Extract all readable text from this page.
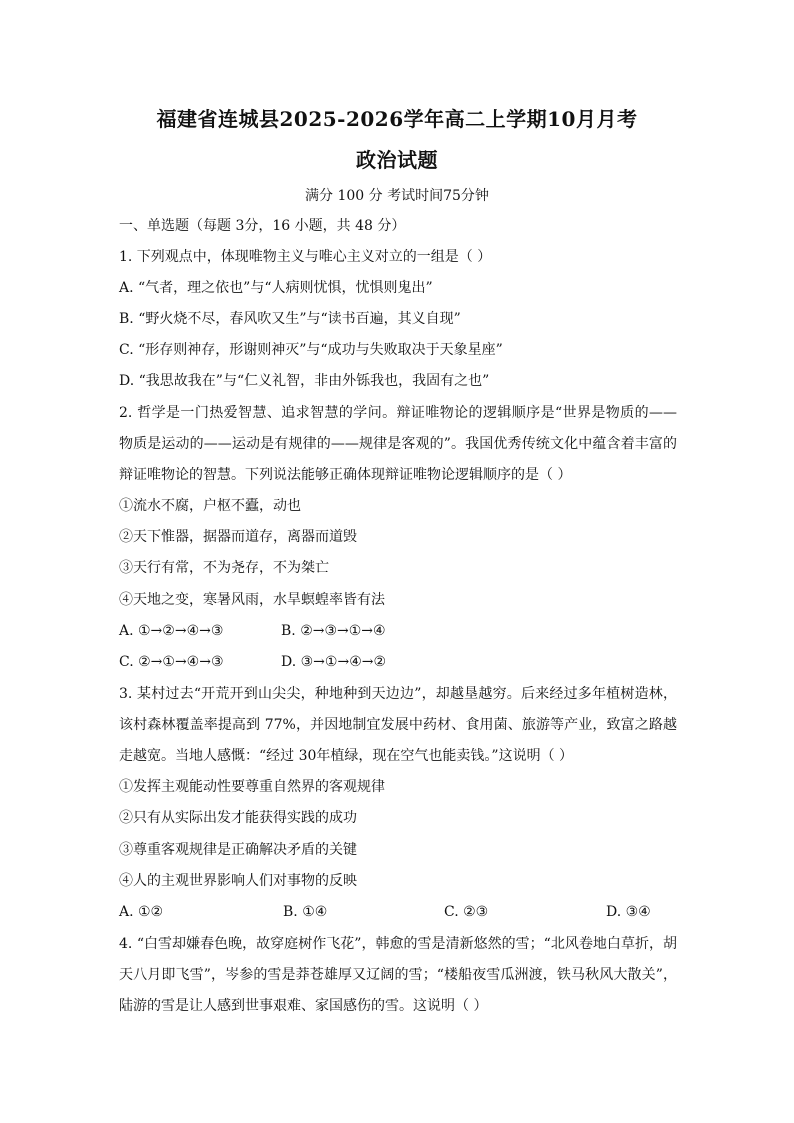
福建省连城县2025-2026学年高二上学期10月月考
政治试题
满分 100 分 考试时间75分钟
一、单选题（每题 3分，16 小题，共 48 分）
1. 下列观点中，体现唯物主义与唯心主义对立的一组是（ ）
A. “气者，理之依也”与“人病则忧惧，忧惧则鬼出”
B. “野火烧不尽，春风吹又生”与“读书百遍，其义自现”
C. “形存则神存，形谢则神灭”与“成功与失败取决于天象星座”
D. “我思故我在”与“仁义礼智，非由外铄我也，我固有之也”
2. 哲学是一门热爱智慧、追求智慧的学问。辩证唯物论的逻辑顺序是“世界是物质的——
物质是运动的——运动是有规律的——规律是客观的”。我国优秀传统文化中蕴含着丰富的
辩证唯物论的智慧。下列说法能够正确体现辩证唯物论逻辑顺序的是（ ）
①流水不腐，户枢不蠹，动也
②天下惟器，据器而道存，离器而道毁
③天行有常，不为尧存，不为桀亡
④天地之变，寒暑风雨，水旱螟蝗率皆有法
A. ①→②→④→③	B. ②→③→①→④
C. ②→①→④→③	D. ③→①→④→②
3. 某村过去“开荒开到山尖尖，种地种到天边边”，却越垦越穷。后来经过多年植树造林，
该村森林覆盖率提高到 77%，并因地制宜发展中药材、食用菌、旅游等产业，致富之路越
走越宽。当地人感慨：“经过 30年植绿，现在空气也能卖钱。”这说明（ ）
①发挥主观能动性要尊重自然界的客观规律
②只有从实际出发才能获得实践的成功
③尊重客观规律是正确解决矛盾的关键
④人的主观世界影响人们对事物的反映
A. ①②	B. ①④	C. ②③	D. ③④
4. “白雪却嫌春色晚，故穿庭树作飞花”，韩愈的雪是清新悠然的雪；“北风卷地白草折，胡
天八月即飞雪”，岑参的雪是莽苍雄厚又辽阔的雪；“楼船夜雪瓜洲渡，铁马秋风大散关”，
陆游的雪是让人感到世事艰难、家国感伤的雪。这说明（ ）
